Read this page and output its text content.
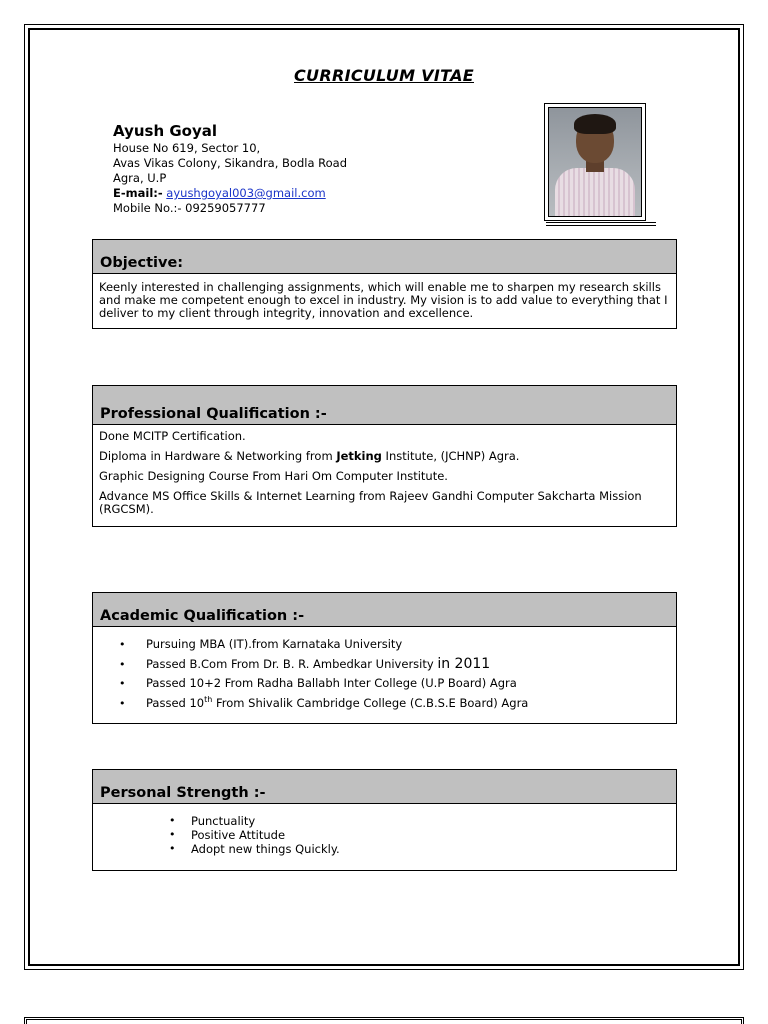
CURRICULUM VITAE
Ayush Goyal
House No 619, Sector 10,
Avas Vikas Colony, Sikandra, Bodla Road
Agra, U.P
E-mail:- ayushgoyal003@gmail.com
Mobile No.:- 09259057777
Objective:
Keenly interested in challenging assignments, which will enable me to sharpen my research skills and make me competent enough to excel in industry. My vision is to add value to everything that I deliver to my client through integrity, innovation and excellence.
Professional Qualification :-

Done MCITP Certification.

Diploma in Hardware & Networking from Jetking Institute, (JCHNP) Agra.

Graphic Designing Course From Hari Om Computer Institute.

Advance MS Office Skills & Internet Learning from Rajeev Gandhi Computer Sakcharta Mission (RGCSM).

Academic Qualification :-
• Pursuing MBA (IT).from Karnataka University
• Passed B.Com From Dr. B. R. Ambedkar University in 2011
• Passed 10+2 From Radha Ballabh Inter College (U.P Board) Agra
• Passed 10th From Shivalik Cambridge College (C.B.S.E Board) Agra
Personal Strength :-
• Punctuality
• Positive Attitude
• Adopt new things Quickly.
